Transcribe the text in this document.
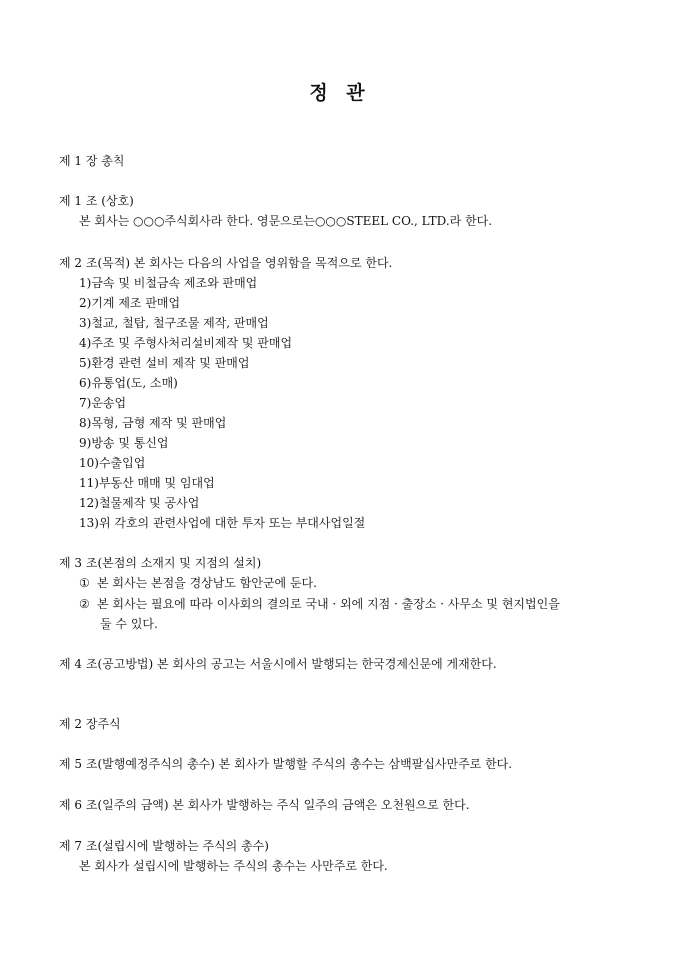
정 관
제 1 장 총칙
제 1 조 (상호)
본 회사는 ○○○주식회사라 한다. 영문으로는○○○STEEL CO., LTD.라 한다.
제 2 조(목적) 본 회사는 다음의 사업을 영위함을 목적으로 한다.
1)금속 및 비철금속 제조와 판매업
2)기계 제조 판매업
3)철교, 철탑, 철구조물 제작, 판매업
4)주조 및 주형사처리설비제작 및 판매업
5)환경 관련 설비 제작 및 판매업
6)유통업(도, 소매)
7)운송업
8)목형, 금형 제작 및 판매업
9)방송 및 통신업
10)수출입업
11)부동산 매매 및 임대업
12)철물제작 및 공사업
13)위 각호의 관련사업에 대한 투자 또는 부대사업일절
제 3 조(본점의 소재지 및 지점의 설치)
① 본 회사는 본점을 경상남도 함안군에 둔다.
② 본 회사는 필요에 따라 이사회의 결의로 국내 · 외에 지점 · 출장소 · 사무소 및 현지법인을
둘 수 있다.
제 4 조(공고방법) 본 회사의 공고는 서울시에서 발행되는 한국경제신문에 게재한다.
제 2 장주식
제 5 조(발행예정주식의 총수) 본 회사가 발행할 주식의 총수는 삼백팔십사만주로 한다.
제 6 조(일주의 금액) 본 회사가 발행하는 주식 일주의 금액은 오천원으로 한다.
제 7 조(설립시에 발행하는 주식의 총수)
본 회사가 설립시에 발행하는 주식의 총수는 사만주로 한다.
